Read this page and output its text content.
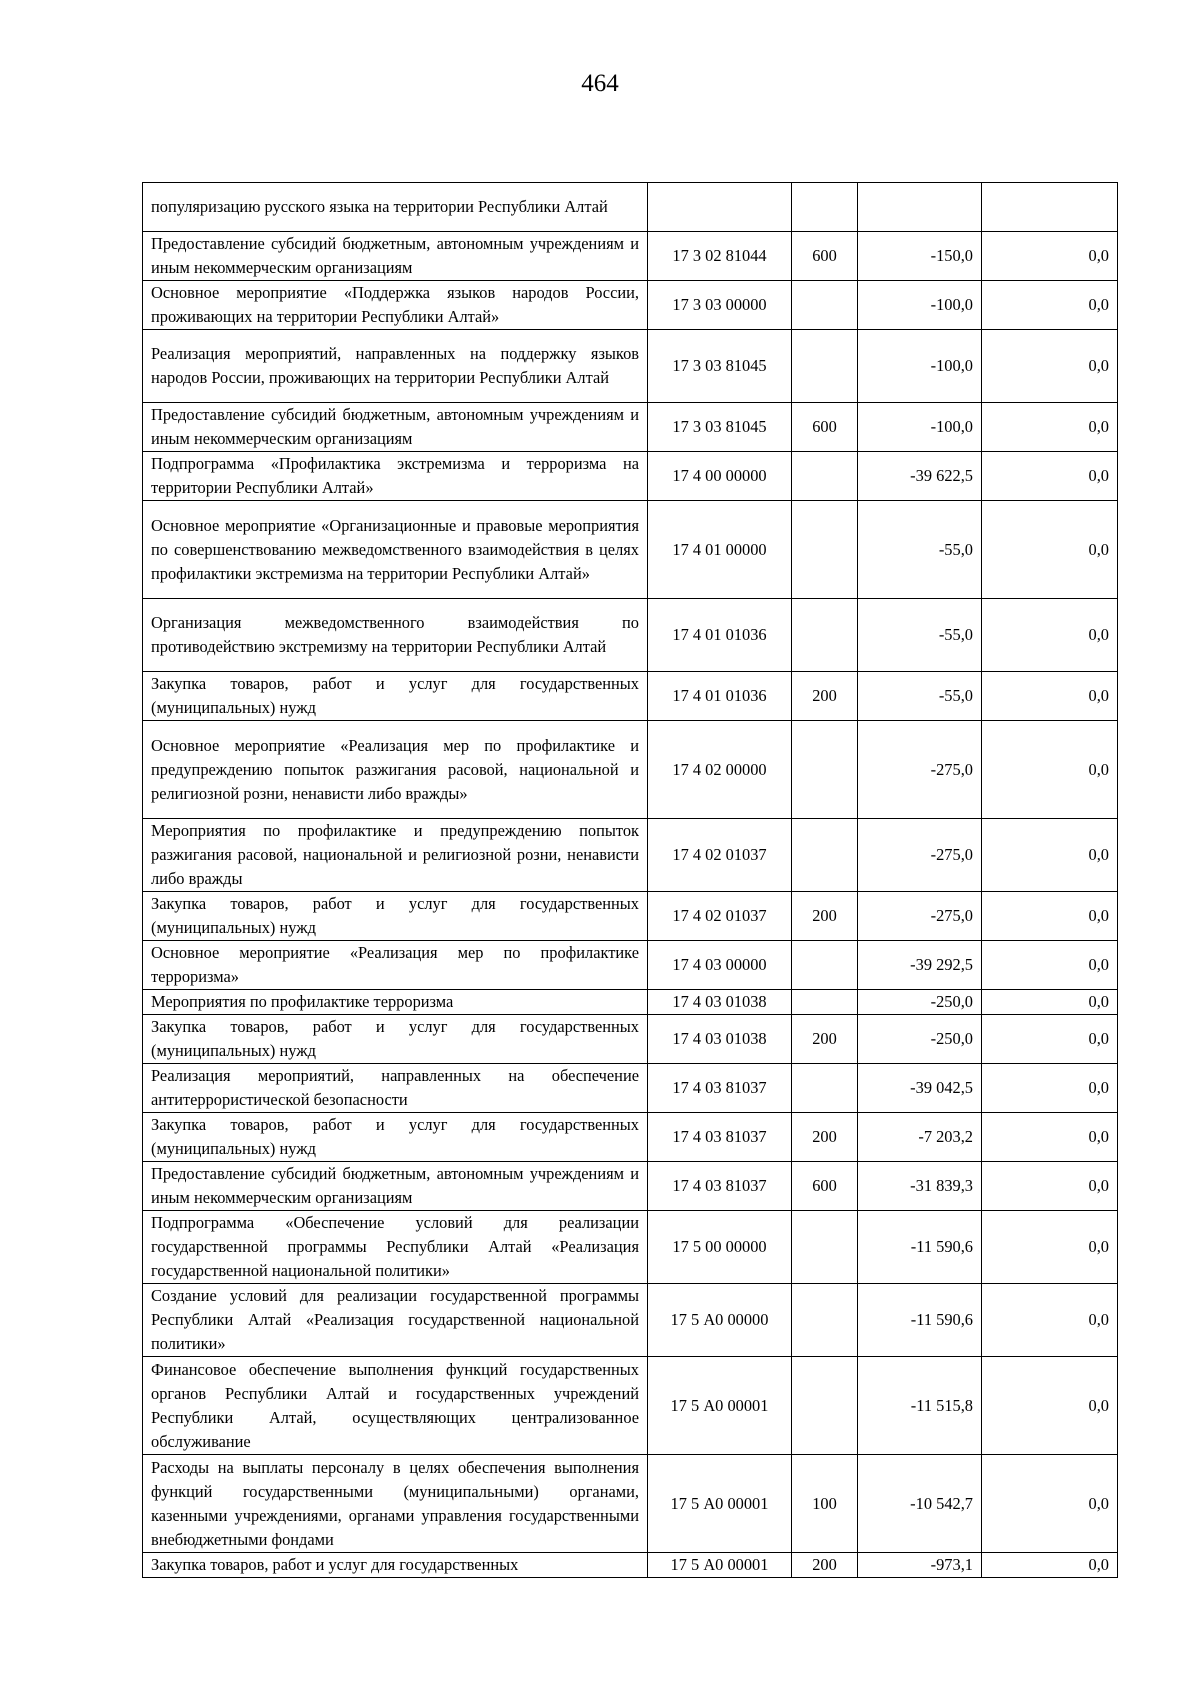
464
популяризацию русского языка на территории Республики Алтай				
Предоставление субсидий бюджетным, автономным учреждениям и иным некоммерческим организациям	17 3 02 81044	600	-150,0	0,0
Основное мероприятие «Поддержка языков народов России, проживающих на территории Республики Алтай»	17 3 03 00000		-100,0	0,0
Реализация мероприятий, направленных на поддержку языков народов России, проживающих на территории Республики Алтай	17 3 03 81045		-100,0	0,0
Предоставление субсидий бюджетным, автономным учреждениям и иным некоммерческим организациям	17 3 03 81045	600	-100,0	0,0
Подпрограмма «Профилактика экстремизма и терроризма на территории Республики Алтай»	17 4 00 00000		-39 622,5	0,0
Основное мероприятие «Организационные и правовые мероприятия по совершенствованию межведомственного взаимодействия в целях профилактики экстремизма на территории Республики Алтай»	17 4 01 00000		-55,0	0,0
Организация межведомственного взаимодействия по противодействию экстремизму на территории Республики Алтай	17 4 01 01036		-55,0	0,0
Закупка товаров, работ и услуг для государственных (муниципальных) нужд	17 4 01 01036	200	-55,0	0,0
Основное мероприятие «Реализация мер по профилактике и предупреждению попыток разжигания расовой, национальной и религиозной розни, ненависти либо вражды»	17 4 02 00000		-275,0	0,0
Мероприятия по профилактике и предупреждению попыток разжигания расовой, национальной и религиозной розни, ненависти либо вражды	17 4 02 01037		-275,0	0,0
Закупка товаров, работ и услуг для государственных (муниципальных) нужд	17 4 02 01037	200	-275,0	0,0
Основное мероприятие «Реализация мер по профилактике терроризма»	17 4 03 00000		-39 292,5	0,0
Мероприятия по профилактике терроризма	17 4 03 01038		-250,0	0,0
Закупка товаров, работ и услуг для государственных (муниципальных) нужд	17 4 03 01038	200	-250,0	0,0
Реализация мероприятий, направленных на обеспечение антитеррористической безопасности	17 4 03 81037		-39 042,5	0,0
Закупка товаров, работ и услуг для государственных (муниципальных) нужд	17 4 03 81037	200	-7 203,2	0,0
Предоставление субсидий бюджетным, автономным учреждениям и иным некоммерческим организациям	17 4 03 81037	600	-31 839,3	0,0
Подпрограмма «Обеспечение условий для реализации государственной программы Республики Алтай «Реализация государственной национальной политики»	17 5 00 00000		-11 590,6	0,0
Создание условий для реализации государственной программы Республики Алтай «Реализация государственной национальной политики»	17 5 А0 00000		-11 590,6	0,0
Финансовое обеспечение выполнения функций государственных органов Республики Алтай и государственных учреждений Республики Алтай, осуществляющих централизованное обслуживание	17 5 А0 00001		-11 515,8	0,0
Расходы на выплаты персоналу в целях обеспечения выполнения функций государственными (муниципальными) органами, казенными учреждениями, органами управления государственными внебюджетными фондами	17 5 А0 00001	100	-10 542,7	0,0
Закупка товаров, работ и услуг для государственных	17 5 А0 00001	200	-973,1	0,0
